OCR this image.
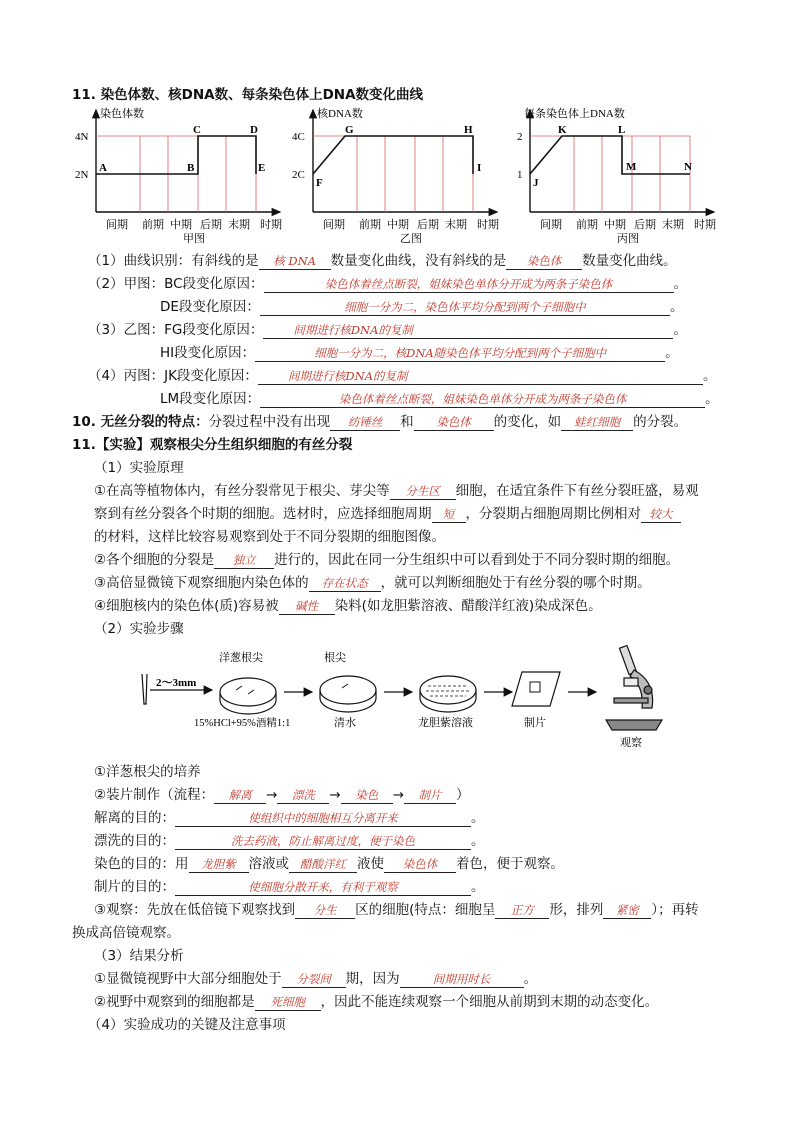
11. 染色体数、核DNA数、每条染色体上DNA数变化曲线
染色体数
4N
2N
A	B
C	D
E
核DNA数
4C
2C
F
G	H
I
每条染色体上DNA数
2
1
J
K	L
M	N
间期 前期 中期 后期 末期 时期	间期 前期 中期 后期 末期 时期	间期 前期 中期 后期 末期 时期
甲图	乙图	丙图
（1）曲线识别：有斜线的是 核 DNA 数量变化曲线，没有斜线的是 染色体 数量变化曲线。
（2）甲图：BC段变化原因：	染色体着丝点断裂，姐妹染色单体分开成为两条子染色体	。
DE段变化原因：	细胞一分为二，染色体平均分配到两个子细胞中	。
（3）乙图：FG段变化原因：	间期进行核DNA的复制	。
HI段变化原因：	细胞一分为二，核DNA随染色体平均分配到两个子细胞中	。
（4）丙图：JK段变化原因：	间期进行核DNA的复制	。
LM段变化原因：	染色体着丝点断裂，姐妹染色单体分开成为两条子染色体	。
10. 无丝分裂的特点：分裂过程中没有出现 纺锤丝 和 染色体 的变化，如 蛙红细胞 的分裂。
11.【实验】观察根尖分生组织细胞的有丝分裂
（1）实验原理
①在高等植物体内，有丝分裂常见于根尖、芽尖等 分生区 细胞，在适宜条件下有丝分裂旺盛，易观
察到有丝分裂各个时期的细胞。选材时，应选择细胞周期 短 ，分裂期占细胞周期比例相对 较大
的材料，这样比较容易观察到处于不同分裂期的细胞图像。
②各个细胞的分裂是 独立 进行的，因此在同一分生组织中可以看到处于不同分裂时期的细胞。
③高倍显微镜下观察细胞内染色体的 存在状态 ，就可以判断细胞处于有丝分裂的哪个时期。
④细胞核内的染色体(质)容易被 碱性 染料(如龙胆紫溶液、醋酸洋红液)染成深色。
（2）实验步骤
2～3mm
洋葱根尖
15%HCl+95%酒精1:1
根尖
清水	龙胆紫溶液	制片
观察
①洋葱根尖的培养
②装片制作（流程： 解离 → 漂洗 → 染色 → 制片 ）
解离的目的：	使组织中的细胞相互分离开来	。
漂洗的目的：	洗去药液，防止解离过度，便于染色	。
染色的目的：用 龙胆紫 溶液或 醋酸洋红 液使 染色体 着色，便于观察。
制片的目的：	使细胞分散开来，有利于观察	。
③观察：先放在低倍镜下观察找到 分生 区的细胞(特点：细胞呈 正方 形，排列 紧密 ）；再转
换成高倍镜观察。
（3）结果分析
①显微镜视野中大部分细胞处于 分裂间 期，因为	间期用时长 。
②视野中观察到的细胞都是 死细胞 ，因此不能连续观察一个细胞从前期到末期的动态变化。
（4）实验成功的关键及注意事项
